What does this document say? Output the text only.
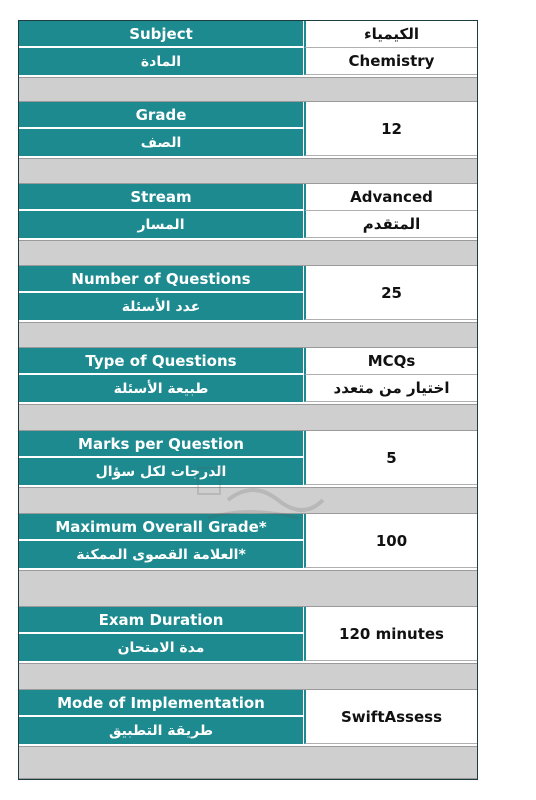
Subject
المادة
الكيمياء
Chemistry
Grade
الصف
12
Stream
المسار
Advanced
المتقدم
Number of Questions
عدد الأسئلة
25
Type of Questions
طبيعة الأسئلة
MCQs
اختيار من متعدد
Marks per Question
الدرجات لكل سؤال
5
Maximum Overall Grade*
العلامة القصوى الممكنة*
100
Exam Duration
مدة الامتحان
120 minutes
Mode of Implementation
طريقة التطبيق
SwiftAssess
